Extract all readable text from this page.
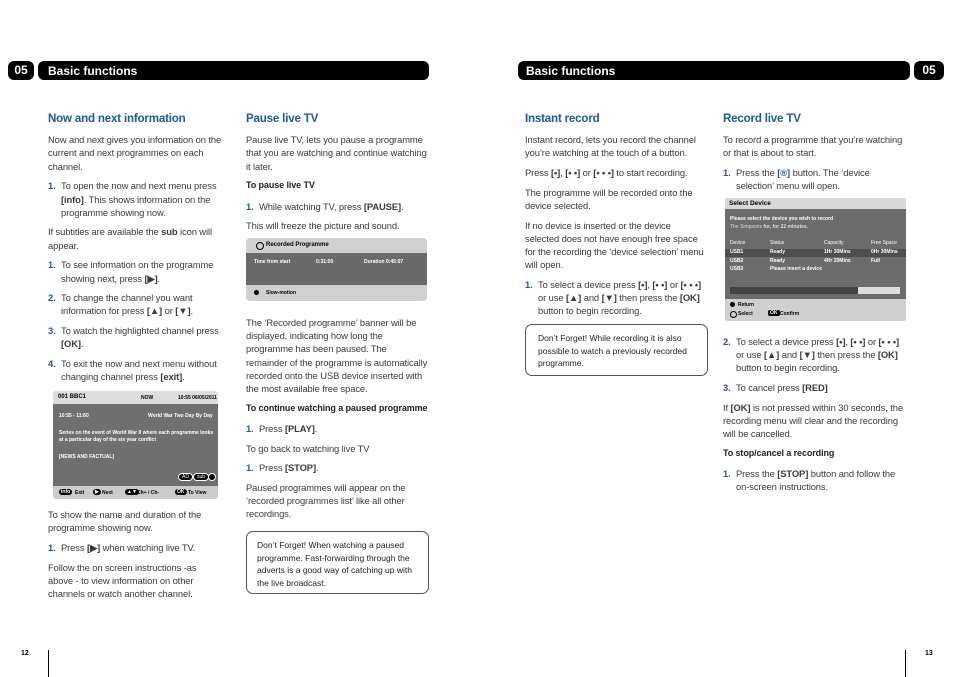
05	Basic functions
Now and next information

Now and next gives you information on the current and next programmes on each channel.

1. To open the now and next menu press [info]. This shows information on the programme showing now.

If subtitles are available the sub icon will appear.

1. To see information on the programme showing next, press [▶].
2. To change the channel you want information for press [▲] or [▼].
3. To watch the highlighted channel press [OK].
4. To exit the now and next menu without changing channel press [exit].
001 BBC1	NOW	10:55 06/05/2011
10:55 - 11:60	World War Two Day By Day
Series on the event of World War II where each programme looks at a particular day of the six year conflict
[NEWS AND FACTUAL]
AD	sub
info Exit	▶ Next	▲▼ Ch+ / Ch-	OK To View

To show the name and duration of the programme showing now.

1. Press [▶] when watching live TV.

Follow the on screen instructions -as above - to view information on other channels or watch another channel.

Pause live TV

Pause live TV, lets you pause a programme that you are watching and continue watching it later.

To pause live TV
1. While watching TV, press [PAUSE].

This will freeze the picture and sound.

Recorded Programme
Time from start	0:31:00	Duration 0:45:07
Slow-motion

The ‘Recorded programme’ banner will be displayed, indicating how long the programme has been paused. The remainder of the programme is automatically recorded onto the USB device inserted with the most available free space.

To continue watching a paused programme
1. Press [PLAY].

To go back to watching live TV

1. Press [STOP].

Paused programmes will appear on the ‘recorded programmes list’ like all other recordings.

Don’t Forget! When watching a paused programme. Fast-forwarding through the adverts is a good way of catching up with the live broadcast.
12
Basic functions	05
Instant record

Instant record, lets you record the channel you’re watching at the touch of a button.

Press [•], [• •] or [• • •] to start recording.

The programme will be recorded onto the device selected.

If no device is inserted or the device selected does not have enough free space for the recording the ‘device selection’ menu will open.

1. To select a device press [•], [• •] or [• • •] or use [▲] and [▼] then press the [OK] button to begin recording.
Don’t Forget! While recording it is also possible to watch a previously recorded programme.
Record live TV

To record a programme that you’re watching or that is about to start.

1. Press the [®] button. The ‘device selection’ menu will open.
Select Device
Please select the device you wish to record
The Simpsons for, for 22 minutes.
Device	Status	Capacity	Free Space
USB1	Ready	1Hr 30Mins	0Hr 30Mins
USB2	Ready	4Hr 20Mins	Full
USB3	Please insert a device
Return
Select	OK Confirm
2. To select a device press [•], [• •] or [• • •] or use [▲] and [▼] then press the [OK] button to begin recording.
3. To cancel press [RED]

If [OK] is not pressed within 30 seconds, the recording menu will clear and the recording will be cancelled.

To stop/cancel a recording
1. Press the [STOP] button and follow the on-screen instructions.
13
